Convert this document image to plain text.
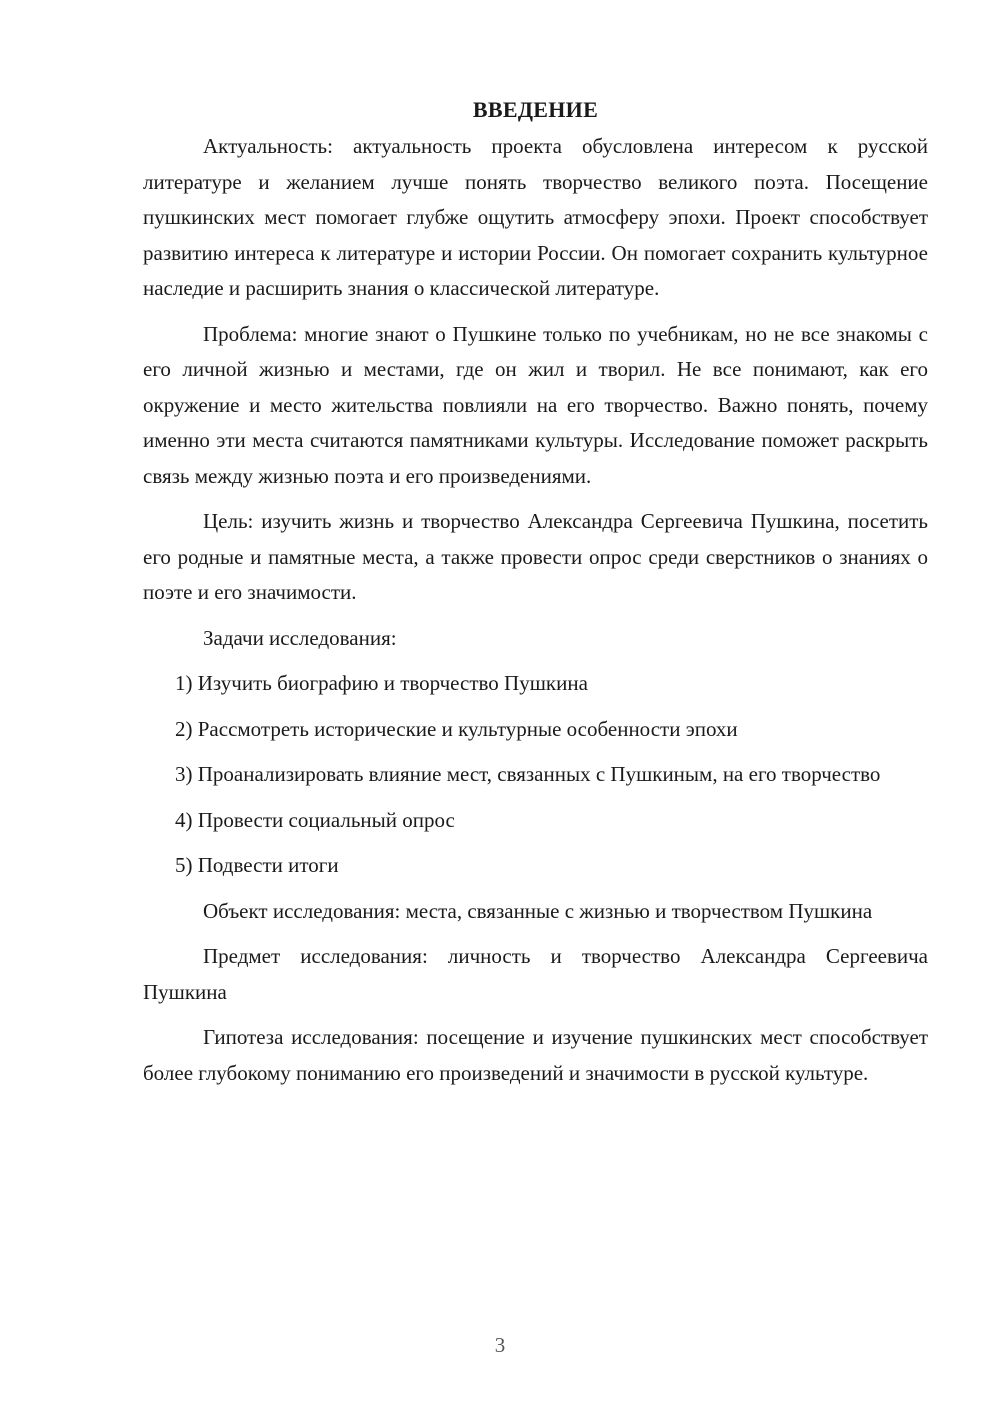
ВВЕДЕНИЕ

Актуальность: актуальность проекта обусловлена интересом к русской литературе и желанием лучше понять творчество великого поэта. Посещение пушкинских мест помогает глубже ощутить атмосферу эпохи. Проект способствует развитию интереса к литературе и истории России. Он помогает сохранить культурное наследие и расширить знания о классической литературе.

Проблема: многие знают о Пушкине только по учебникам, но не все знакомы с его личной жизнью и местами, где он жил и творил. Не все понимают, как его окружение и место жительства повлияли на его творчество. Важно понять, почему именно эти места считаются памятниками культуры. Исследование поможет раскрыть связь между жизнью поэта и его произведениями.

Цель: изучить жизнь и творчество Александра Сергеевича Пушкина, посетить его родные и памятные места, а также провести опрос среди сверстников о знаниях о поэте и его значимости.

Задачи исследования:

1) Изучить биографию и творчество Пушкина

2) Рассмотреть исторические и культурные особенности эпохи

3) Проанализировать влияние мест, связанных с Пушкиным, на его творчество

4) Провести социальный опрос

5) Подвести итоги

Объект исследования: места, связанные с жизнью и творчеством Пушкина

Предмет исследования: личность и творчество Александра Сергеевича Пушкина

Гипотеза исследования: посещение и изучение пушкинских мест способствует более глубокому пониманию его произведений и значимости в русской культуре.

3
